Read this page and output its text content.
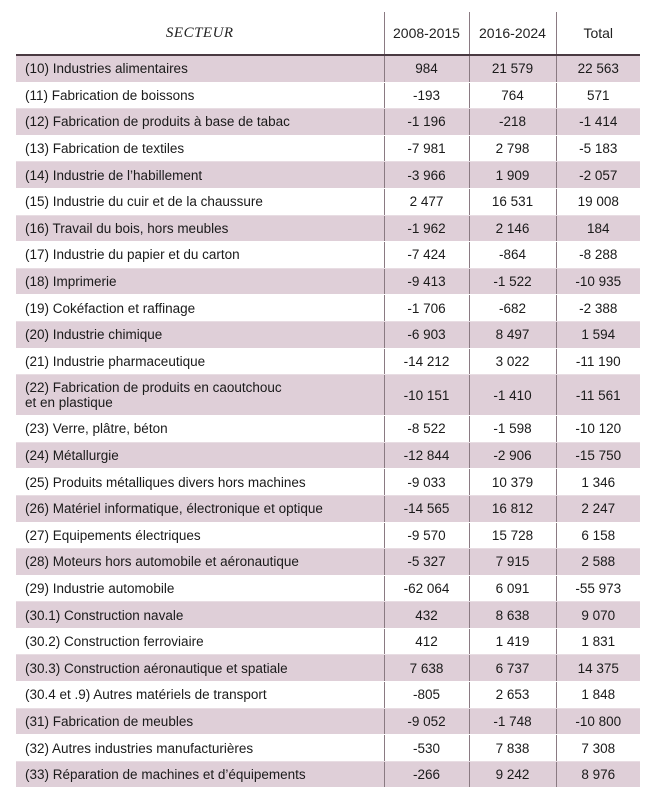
SECTEUR	2008-2015	2016-2024	Total
(10) Industries alimentaires	984	21 579	22 563
(11) Fabrication de boissons	-193	764	571
(12) Fabrication de produits à base de tabac	-1 196	-218	-1 414
(13) Fabrication de textiles	-7 981	2 798	-5 183
(14) Industrie de l’habillement	-3 966	1 909	-2 057
(15) Industrie du cuir et de la chaussure	2 477	16 531	19 008
(16) Travail du bois, hors meubles	-1 962	2 146	184
(17) Industrie du papier et du carton	-7 424	-864	-8 288
(18) Imprimerie	-9 413	-1 522	-10 935
(19) Cokéfaction et raffinage	-1 706	-682	-2 388
(20) Industrie chimique	-6 903	8 497	1 594
(21) Industrie pharmaceutique	-14 212	3 022	-11 190

(22) Fabrication de produits en caoutchouc
et en plastique	-10 151	-1 410	-11 561
(23) Verre, plâtre, béton	-8 522	-1 598	-10 120
(24) Métallurgie	-12 844	-2 906	-15 750
(25) Produits métalliques divers hors machines	-9 033	10 379	1 346
(26) Matériel informatique, électronique et optique	-14 565	16 812	2 247
(27) Equipements électriques	-9 570	15 728	6 158
(28) Moteurs hors automobile et aéronautique	-5 327	7 915	2 588
(29) Industrie automobile	-62 064	6 091	-55 973
(30.1) Construction navale	432	8 638	9 070
(30.2) Construction ferroviaire	412	1 419	1 831
(30.3) Construction aéronautique et spatiale	7 638	6 737	14 375
(30.4 et .9) Autres matériels de transport	-805	2 653	1 848
(31) Fabrication de meubles	-9 052	-1 748	-10 800
(32) Autres industries manufacturières	-530	7 838	7 308
(33) Réparation de machines et d’équipements	-266	9 242	8 976
